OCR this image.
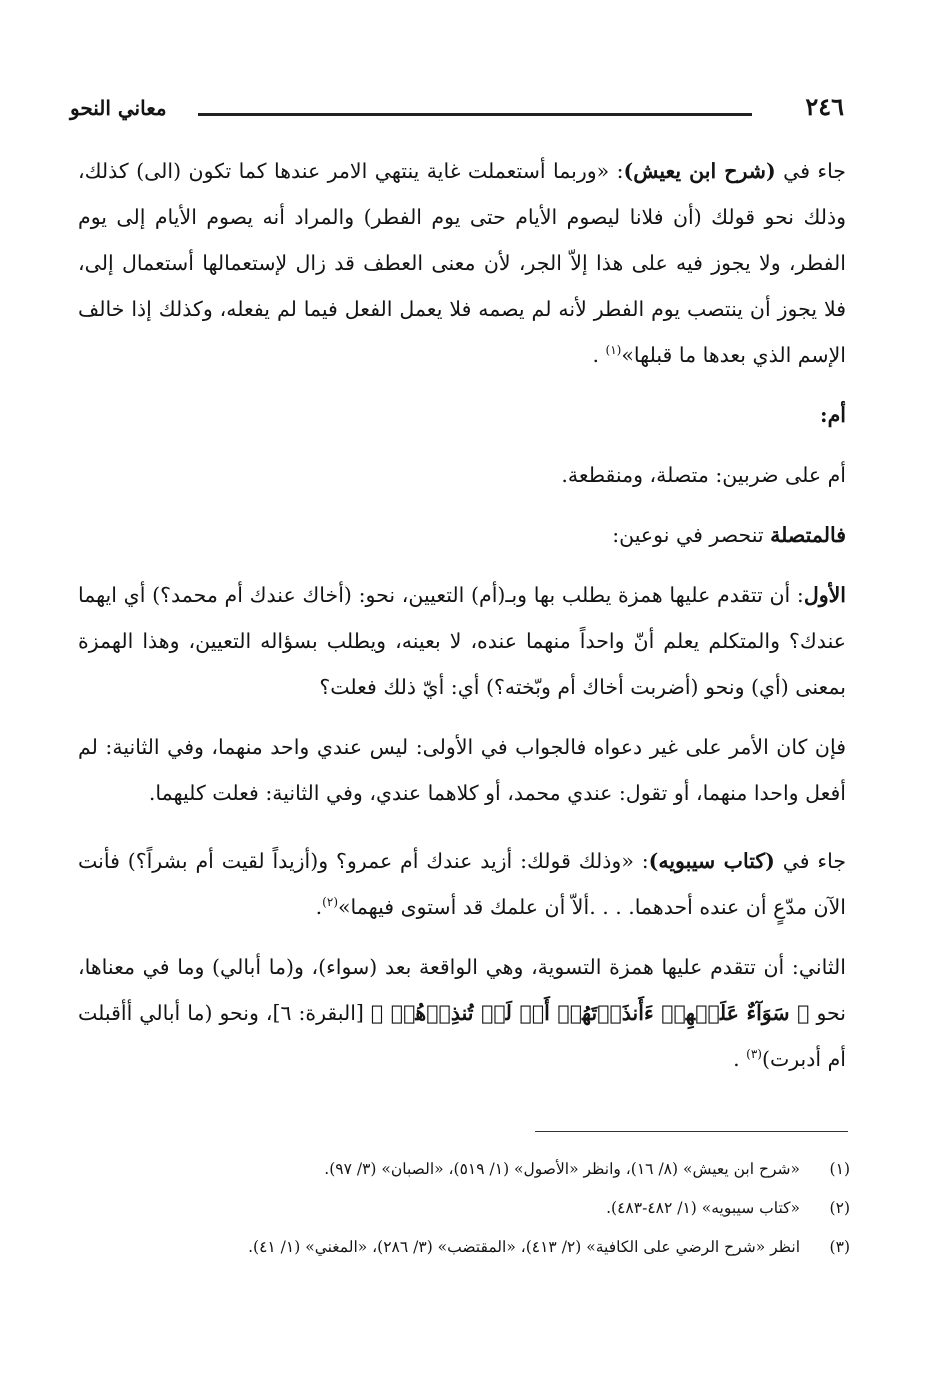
٢٤٦
معاني النحو

جاء في (شرح ابن يعيش): «وربما أستعملت غاية ينتهي الامر عندها كما تكون (الى) كذلك، وذلك نحو قولك (أن فلانا ليصوم الأيام حتى يوم الفطر) والمراد أنه يصوم الأيام إلى يوم الفطر، ولا يجوز فيه على هذا إلاّ الجر، لأن معنى العطف قد زال لإستعمالها أستعمال إلى، فلا يجوز أن ينتصب يوم الفطر لأنه لم يصمه فلا يعمل الفعل فيما لم يفعله، وكذلك إذا خالف الإسم الذي بعدها ما قبلها»$^{(١)}$ .

أم:

أم على ضربين: متصلة، ومنقطعة.

فالمتصلة تنحصر في نوعين:

الأول: أن تتقدم عليها همزة يطلب بها وبـ(أم) التعيين، نحو: (أخاك عندك أم محمد؟) أي ايهما عندك؟ والمتكلم يعلم أنّ واحداً منهما عنده، لا بعينه، ويطلب بسؤاله التعيين، وهذا الهمزة بمعنى (أي) ونحو (أضربت أخاك أم وبّخته؟) أي: أيّ ذلك فعلت؟

فإن كان الأمر على غير دعواه فالجواب في الأولى: ليس عندي واحد منهما، وفي الثانية: لم أفعل واحدا منهما، أو تقول: عندي محمد، أو كلاهما عندي، وفي الثانية: فعلت كليهما.

جاء في (كتاب سيبويه): «وذلك قولك: أزيد عندك أم عمرو؟ و(أزيداً لقيت أم بشراً؟) فأنت الآن مدّعٍ أن عنده أحدهما. . . .ألاّ أن علمك قد أستوى فيهما»$^{(٢)}$.

الثاني: أن تتقدم عليها همزة التسوية، وهي الواقعة بعد (سواء)، و(ما أبالي) وما في معناها، نحو ﴿ سَوَآءٌ عَلَيۡهِمۡ ءَأَنذَرۡتَهُمۡ أَمۡ لَمۡ تُنذِرۡهُمۡ ﴾ [البقرة: ٦]، ونحو (ما أبالي أأقبلت أم أدبرت)$^{(٣)}$ .

(١)«شرح ابن يعيش» (٨/ ١٦)، وانظر «الأصول» (١/ ٥١٩)، «الصبان» (٣/ ٩٧).
(٢)«كتاب سيبويه» (١/ ٤٨٢-٤٨٣).
(٣)انظر «شرح الرضي على الكافية» (٢/ ٤١٣)، «المقتضب» (٣/ ٢٨٦)، «المغني» (١/ ٤١).
